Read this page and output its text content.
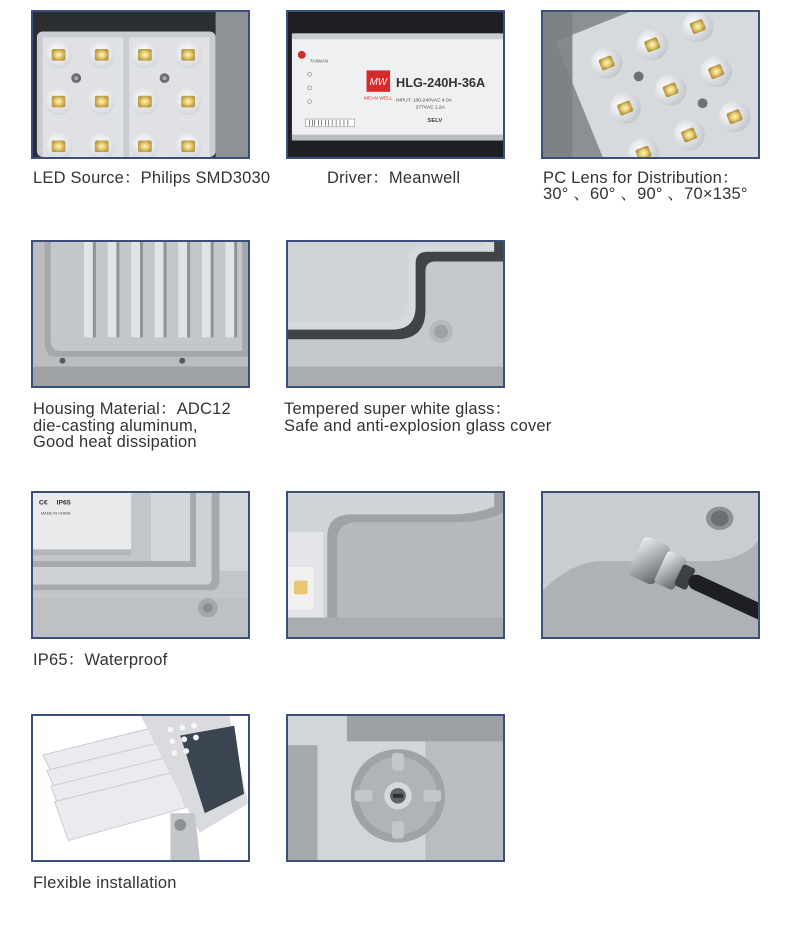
MW
MEAN WELL
HLG-240H-36A
TAIWAN
INPUT: 100-240VAC 4.0A
277VAC 1.2A
SELV
LED Source：Philips SMD3030	Driver：Meanwell	PC Lens for Distribution：
30° 、60° 、90° 、70×135°
Housing Material：ADC12
die-casting aluminum,
Good heat dissipation
Tempered super white glass：
Safe and anti-explosion glass cover
C€ IP65
MADE IN CHINA
IP65：Waterproof
Flexible installation
